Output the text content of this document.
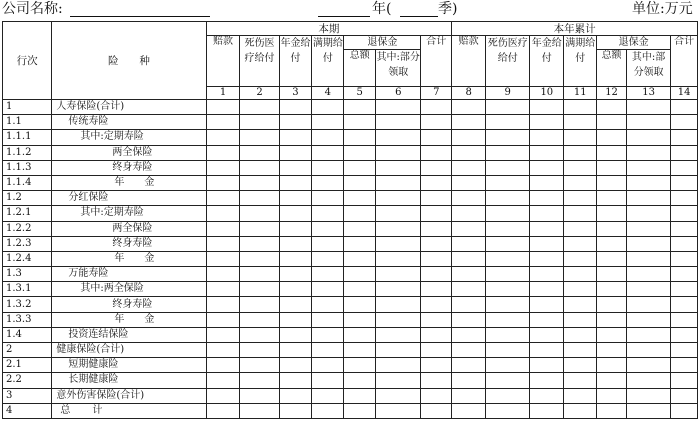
公司名称:	年(	季)	单位:万元
行次	险　　种	本期							本年累计						
		赔款	死伤医疗给付	年金给付	满期给付	退保金		合计	赔款	死伤医疗给付	年金给付	满期给付	退保金		合计
						总额	其中:部分领取						总额	其中:部分领取	
		1	2	3	4	5	6	7	8	9	10	11	12	13	14
1	人寿保险(合计)														
1.1	传统寿险														
1.1.1	其中:定期寿险														
1.1.2	两全保险														
1.1.3	终身寿险														
1.1.4	年金														
1.2	分红保险														
1.2.1	其中:定期寿险														
1.2.2	两全保险														
1.2.3	终身寿险														
1.2.4	年金														
1.3	万能寿险														
1.3.1	其中:两全保险														
1.3.2	终身寿险														
1.3.3	年金														
1.4	投资连结保险														
2	健康保险(合计)														
2.1	短期健康险														
2.2	长期健康险														
3	意外伤害保险(合计)														
4	总计														
